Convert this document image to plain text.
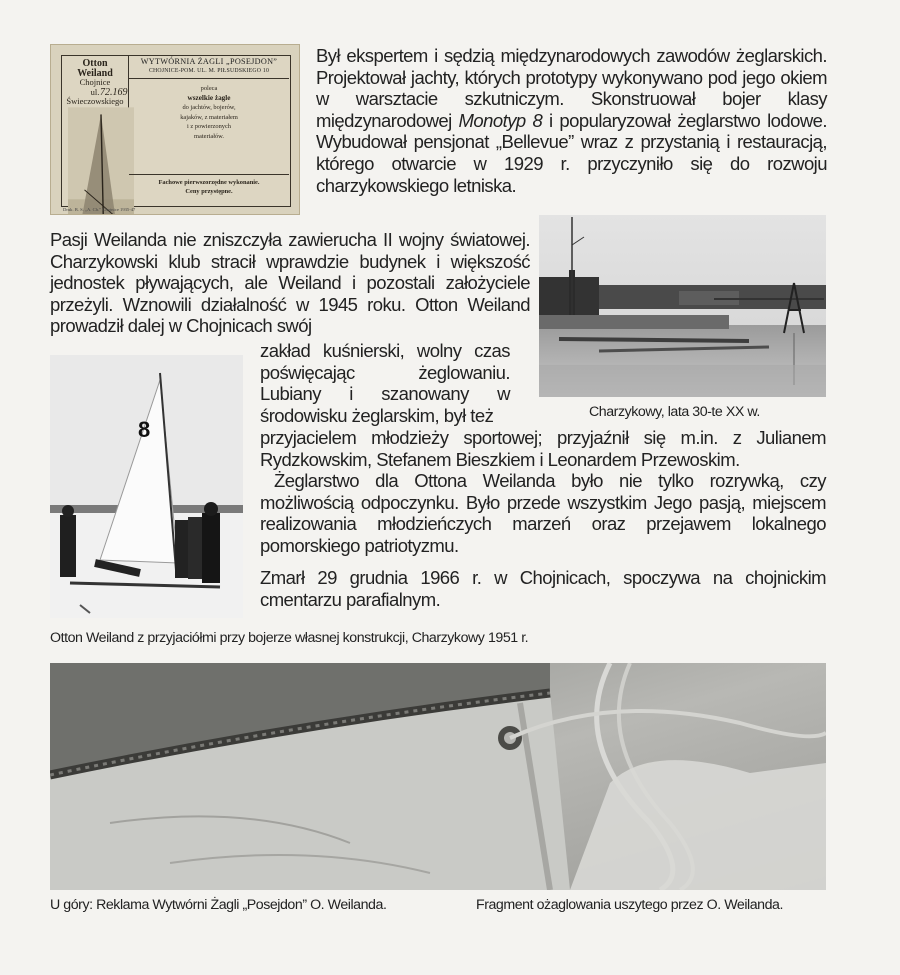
Otton Weiland
Chojnice
ul. Świeczowskiego
72.169
WYTWÓRNIA ŻAGLI „POSEJDON”
CHOJNICE-POM. UL. M. PIŁSUDSKIEGO 10
poleca
wszelkie żagle
do jachtów, bojerów,
kajaków, z materiałem
i z powierzonych
materiałów.
Fachowe pierwszorzędne wykonanie.
Ceny przystępne.
Druk. B. S. „A. Ch.” Chojnice 1935-47
Był ekspertem i sędzią międzynarodowych zawodów żeglarskich. Projektował jachty, których prototypy wykonywano pod jego okiem w warsztacie szkutniczym. Skonstruował bojer klasy międzynarodowej Monotyp 8 i popularyzował żeglarstwo lodowe. Wybudował pensjonat „Bellevue” wraz z przystanią i restauracją, którego otwarcie w 1929 r. przyczyniło się do rozwoju charzykowskiego letniska.
Pasji Weilanda nie zniszczyła zawierucha II wojny światowej. Charzykowski klub stracił wprawdzie budynek i większość jednostek pływających, ale Weiland i pozostali założyciele przeżyli. Wznowili działalność w 1945 roku. Otton Weiland prowadził dalej w Chojnicach swój
Charzykowy, lata 30-te XX w.
8
zakład kuśnierski, wolny czas poświęcając żeglowaniu. Lubiany i szanowany w środowisku żeglarskim, był też
przyjacielem młodzieży sportowej; przyjaźnił się m.in. z Julianem Rydzkowskim, Stefanem Bieszkiem i Leonardem Przewoskim.
Żeglarstwo dla Ottona Weilanda było nie tylko rozrywką, czy możliwością odpoczynku. Było przede wszystkim Jego pasją, miejscem realizowania młodzieńczych marzeń oraz przejawem lokalnego pomorskiego patriotyzmu.
Zmarł 29 grudnia 1966 r. w Chojnicach, spoczywa na chojnickim cmentarzu parafialnym.
Otton Weiland z przyjaciółmi przy bojerze własnej konstrukcji, Charzykowy 1951 r.
U góry: Reklama Wytwórni Żagli „Posejdon” O. Weilanda.	Fragment ożaglowania uszytego przez O. Weilanda.
